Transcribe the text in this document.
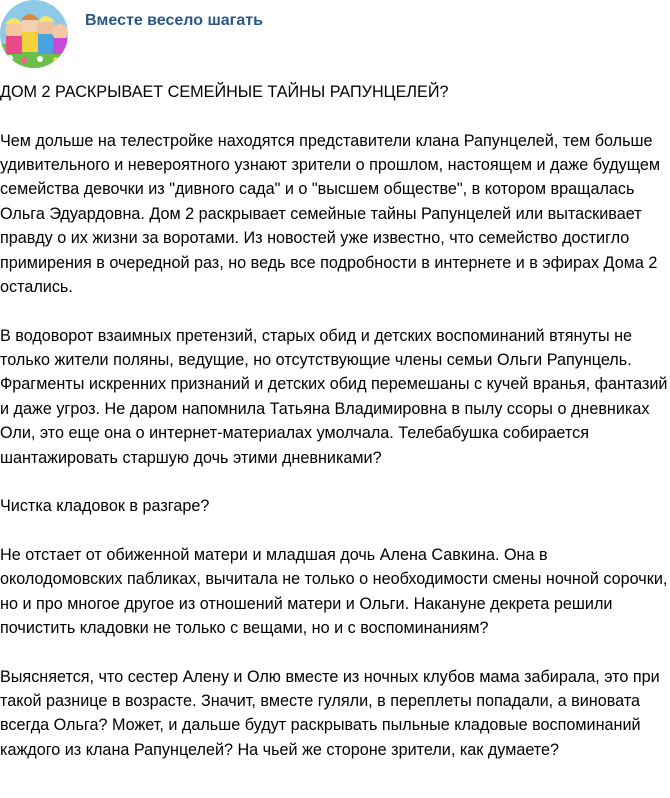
Вместе весело шагать

ДОМ 2 РАСКРЫВАЕТ СЕМЕЙНЫЕ ТАЙНЫ РАПУНЦЕЛЕЙ?

Чем дольше на телестройке находятся представители клана Рапунцелей, тем больше удивительного и невероятного узнают зрители о прошлом, настоящем и даже будущем семейства девочки из "дивного сада" и о "высшем обществе", в котором вращалась Ольга Эдуардовна. Дом 2 раскрывает семейные тайны Рапунцелей или вытаскивает правду о их жизни за воротами. Из новостей уже известно, что семейство достигло примирения в очередной раз, но ведь все подробности в интернете и в эфирах Дома 2 остались.

В водоворот взаимных претензий, старых обид и детских воспоминаний втянуты не только жители поляны, ведущие, но отсутствующие члены семьи Ольги Рапунцель. Фрагменты искренних признаний и детских обид перемешаны с кучей вранья, фантазий и даже угроз. Не даром напомнила Татьяна Владимировна в пылу ссоры о дневниках Оли, это еще она о интернет-материалах умолчала. Телебабушка собирается шантажировать старшую дочь этими дневниками?

Чистка кладовок в разгаре?

Не отстает от обиженной матери и младшая дочь Алена Савкина. Она в околодомовских пабликах, вычитала не только о необходимости смены ночной сорочки, но и про многое другое из отношений матери и Ольги. Накануне декрета решили почистить кладовки не только с вещами, но и с воспоминаниям?

Выясняется, что сестер Алену и Олю вместе из ночных клубов мама забирала, это при такой разнице в возрасте. Значит, вместе гуляли, в переплеты попадали, а виновата всегда Ольга? Может, и дальше будут раскрывать пыльные кладовые воспоминаний каждого из клана Рапунцелей? На чьей же стороне зрители, как думаете?
